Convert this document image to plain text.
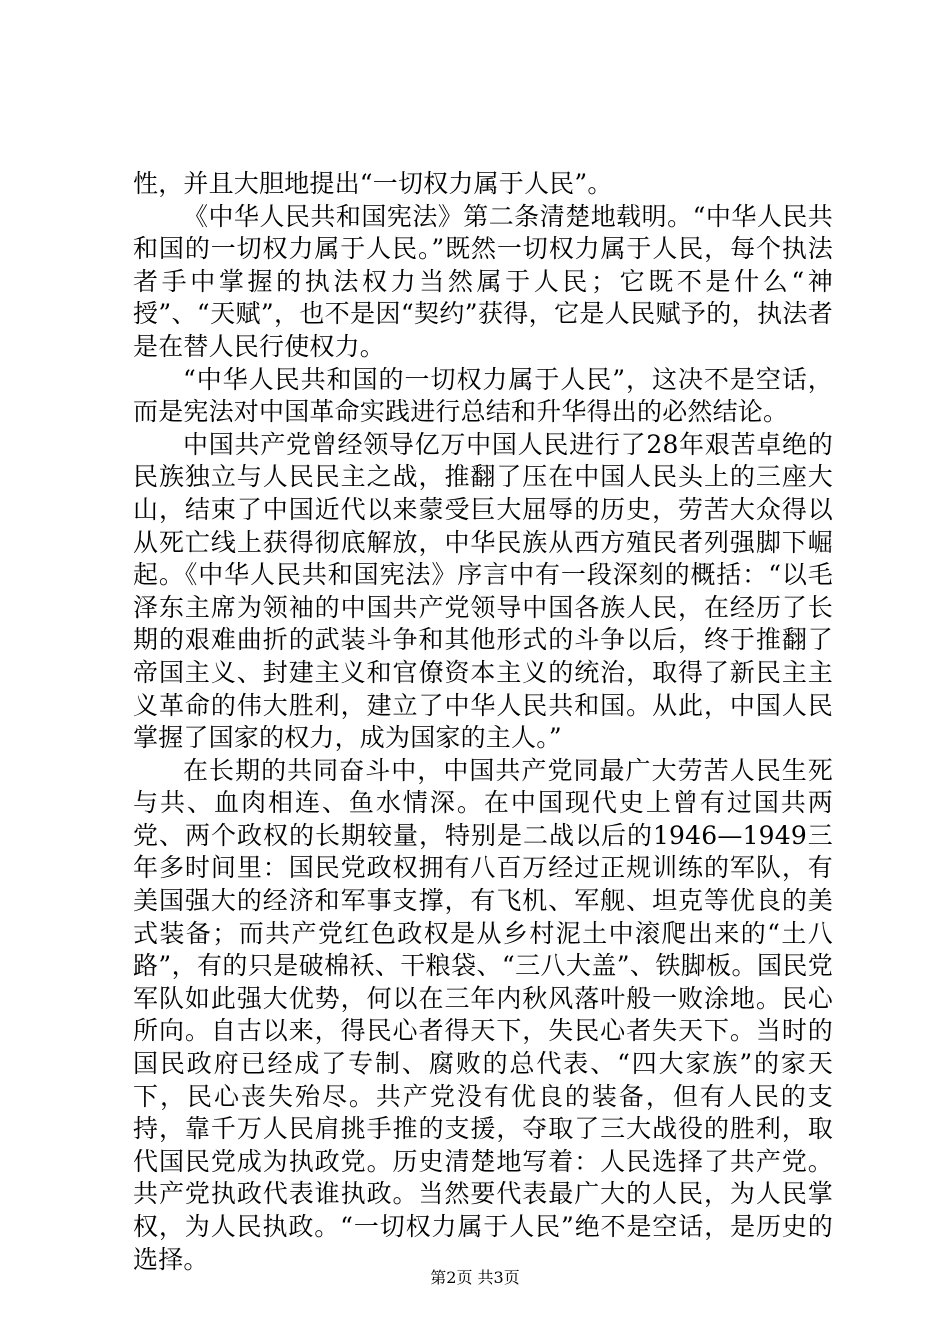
性，并且大胆地提出“一切权力属于人民”。

《中华人民共和国宪法》第二条清楚地载明。“中华人民共和国的一切权力属于人民。”既然一切权力属于人民，每个执法者手中掌握的执法权力当然属于人民；它既不是什么“神授”、“天赋”，也不是因“契约”获得，它是人民赋予的，执法者是在替人民行使权力。

“中华人民共和国的一切权力属于人民”，这决不是空话，而是宪法对中国革命实践进行总结和升华得出的必然结论。

中国共产党曾经领导亿万中国人民进行了28年艰苦卓绝的民族独立与人民民主之战，推翻了压在中国人民头上的三座大山，结束了中国近代以来蒙受巨大屈辱的历史，劳苦大众得以从死亡线上获得彻底解放，中华民族从西方殖民者列强脚下崛起。《中华人民共和国宪法》序言中有一段深刻的概括：“以毛泽东主席为领袖的中国共产党领导中国各族人民，在经历了长期的艰难曲折的武装斗争和其他形式的斗争以后，终于推翻了帝国主义、封建主义和官僚资本主义的统治，取得了新民主主义革命的伟大胜利，建立了中华人民共和国。从此，中国人民掌握了国家的权力，成为国家的主人。”

在长期的共同奋斗中，中国共产党同最广大劳苦人民生死与共、血肉相连、鱼水情深。在中国现代史上曾有过国共两党、两个政权的长期较量，特别是二战以后的1946—1949三年多时间里：国民党政权拥有八百万经过正规训练的军队，有美国强大的经济和军事支撑，有飞机、军舰、坦克等优良的美式装备；而共产党红色政权是从乡村泥土中滚爬出来的“土八路”，有的只是破棉袄、干粮袋、“三八大盖”、铁脚板。国民党军队如此强大优势，何以在三年内秋风落叶般一败涂地。民心所向。自古以来，得民心者得天下，失民心者失天下。当时的国民政府已经成了专制、腐败的总代表、“四大家族”的家天下，民心丧失殆尽。共产党没有优良的装备，但有人民的支持，靠千万人民肩挑手推的支援，夺取了三大战役的胜利，取代国民党成为执政党。历史清楚地写着：人民选择了共产党。共产党执政代表谁执政。当然要代表最广大的人民，为人民掌权，为人民执政。“一切权力属于人民”绝不是空话，是历史的选择。

第2页 共3页
